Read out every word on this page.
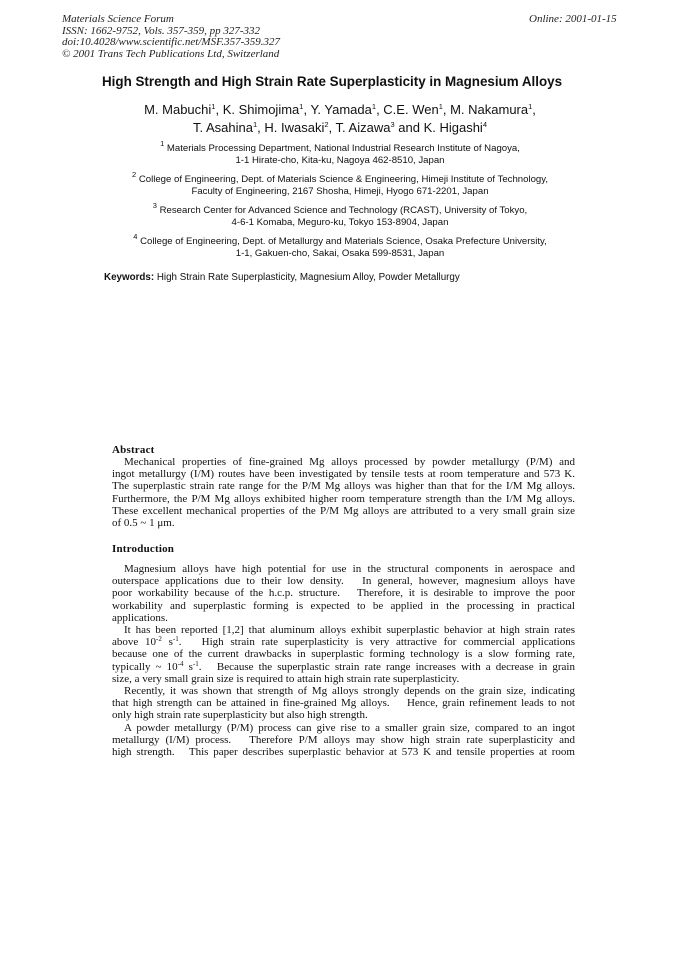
Materials Science Forum
ISSN: 1662-9752, Vols. 357-359, pp 327-332
doi:10.4028/www.scientific.net/MSF.357-359.327
© 2001 Trans Tech Publications Ltd, Switzerland
Online: 2001-01-15
High Strength and High Strain Rate Superplasticity in Magnesium Alloys
M. Mabuchi$^1$, K. Shimojima$^1$, Y. Yamada$^1$, C.E. Wen$^1$, M. Nakamura$^1$,
T. Asahina$^1$, H. Iwasaki$^2$, T. Aizawa$^3$ and K. Higashi$^4$
$^1$ Materials Processing Department, National Industrial Research Institute of Nagoya,
1-1 Hirate-cho, Kita-ku, Nagoya 462-8510, Japan
$^2$ College of Engineering, Dept. of Materials Science & Engineering, Himeji Institute of Technology,
Faculty of Engineering, 2167 Shosha, Himeji, Hyogo 671-2201, Japan
$^3$ Research Center for Advanced Science and Technology (RCAST), University of Tokyo,
4-6-1 Komaba, Meguro-ku, Tokyo 153-8904, Japan
$^4$ College of Engineering, Dept. of Metallurgy and Materials Science, Osaka Prefecture University,
1-1, Gakuen-cho, Sakai, Osaka 599-8531, Japan
Keywords: High Strain Rate Superplasticity, Magnesium Alloy, Powder Metallurgy
Abstract
Mechanical properties of fine-grained Mg alloys processed by powder metallurgy (P/M) and
ingot metallurgy (I/M) routes have been investigated by tensile tests at room temperature and 573 K.
The superplastic strain rate range for the P/M Mg alloys was higher than that for the I/M Mg alloys.
Furthermore, the P/M Mg alloys exhibited higher room temperature strength than the I/M Mg alloys.
These excellent mechanical properties of the P/M Mg alloys are attributed to a very small grain size
of 0.5 ~ 1 μm.
Introduction
Magnesium alloys have high potential for use in the structural components in aerospace and
outerspace applications due to their low density.   In general, however, magnesium alloys have
poor workability because of the h.c.p. structure.   Therefore, it is desirable to improve the poor
workability and superplastic forming is expected to be applied in the processing in practical
applications.
It has been reported [1,2] that aluminum alloys exhibit superplastic behavior at high strain rates
above $10^{-2}$ $s^{-1}$.   High strain rate superplasticity is very attractive for commercial applications
because one of the current drawbacks in superplastic forming technology is a slow forming rate,
typically ~ $10^{-4}$ $s^{-1}$.   Because the superplastic strain rate range increases with a decrease in grain
size, a very small grain size is required to attain high strain rate superplasticity.
Recently, it was shown that strength of Mg alloys strongly depends on the grain size, indicating
that high strength can be attained in fine-grained Mg alloys.    Hence, grain refinement leads to not
only high strain rate superplasticity but also high strength.
A powder metallurgy (P/M) process can give rise to a smaller grain size, compared to an ingot
metallurgy (I/M) process.   Therefore P/M alloys may show high strain rate superplasticity and
high strength.   This paper describes superplastic behavior at 573 K and tensile properties at room
